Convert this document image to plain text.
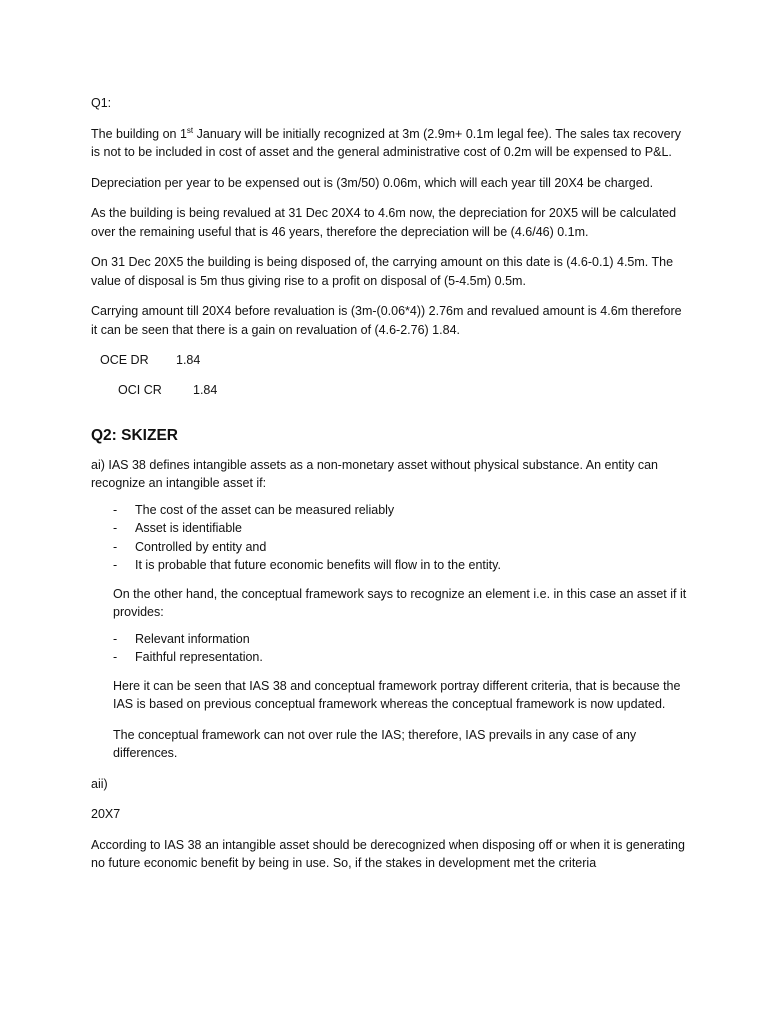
Q1:

The building on 1st January will be initially recognized at 3m (2.9m+ 0.1m legal fee). The sales tax recovery is not to be included in cost of asset and the general administrative cost of 0.2m will be expensed to P&L.

Depreciation per year to be expensed out is (3m/50) 0.06m, which will each year till 20X4 be charged.

As the building is being revalued at 31 Dec 20X4 to 4.6m now, the depreciation for 20X5 will be calculated over the remaining useful that is 46 years, therefore the depreciation will be (4.6/46) 0.1m.

On 31 Dec 20X5 the building is being disposed of, the carrying amount on this date is (4.6-0.1) 4.5m. The value of disposal is 5m thus giving rise to a profit on disposal of (5-4.5m) 0.5m.

Carrying amount till 20X4 before revaluation is (3m-(0.06*4)) 2.76m and revalued amount is 4.6m therefore it can be seen that there is a gain on revaluation of (4.6-2.76) 1.84.

OCE DR 1.84
OCI CR	1.84
Q2: SKIZER

ai) IAS 38 defines intangible assets as a non-monetary asset without physical substance. An entity can recognize an intangible asset if:

- The cost of the asset can be measured reliably
- Asset is identifiable
- Controlled by entity and
- It is probable that future economic benefits will flow in to the entity.

On the other hand, the conceptual framework says to recognize an element i.e. in this case an asset if it provides:

- Relevant information
- Faithful representation.

Here it can be seen that IAS 38 and conceptual framework portray different criteria, that is because the IAS is based on previous conceptual framework whereas the conceptual framework is now updated.

The conceptual framework can not over rule the IAS; therefore, IAS prevails in any case of any differences.

aii)

20X7

According to IAS 38 an intangible asset should be derecognized when disposing off or when it is generating no future economic benefit by being in use. So, if the stakes in development met the criteria
